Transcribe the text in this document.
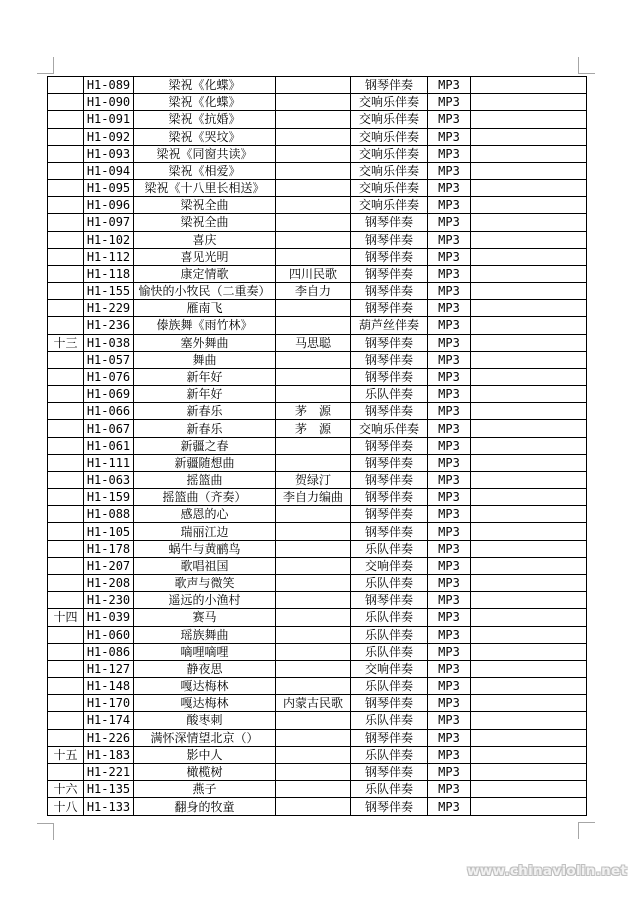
	H1-089	梁祝《化蝶》		钢琴伴奏	MP3	
	H1-090	梁祝《化蝶》		交响乐伴奏	MP3	
	H1-091	梁祝《抗婚》		交响乐伴奏	MP3	
	H1-092	梁祝《哭坟》		交响乐伴奏	MP3	
	H1-093	梁祝《同窗共读》		交响乐伴奏	MP3	
	H1-094	梁祝《相爱》		交响乐伴奏	MP3	
	H1-095	梁祝《十八里长相送》		交响乐伴奏	MP3	
	H1-096	梁祝全曲		交响乐伴奏	MP3	
	H1-097	梁祝全曲		钢琴伴奏	MP3	
	H1-102	喜庆		钢琴伴奏	MP3	
	H1-112	喜见光明		钢琴伴奏	MP3	
	H1-118	康定情歌	四川民歌	钢琴伴奏	MP3	
	H1-155	愉快的小牧民（二重奏）	李自力	钢琴伴奏	MP3	
	H1-229	雁南飞		钢琴伴奏	MP3	
	H1-236	傣族舞《雨竹林》		葫芦丝伴奏	MP3	
十三	H1-038	塞外舞曲	马思聪	钢琴伴奏	MP3	
	H1-057	舞曲		钢琴伴奏	MP3	
	H1-076	新年好		钢琴伴奏	MP3	
	H1-069	新年好		乐队伴奏	MP3	
	H1-066	新春乐	茅　源	钢琴伴奏	MP3	
	H1-067	新春乐	茅　源	交响乐伴奏	MP3	
	H1-061	新疆之春		钢琴伴奏	MP3	
	H1-111	新疆随想曲		钢琴伴奏	MP3	
	H1-063	摇篮曲	贺绿汀	钢琴伴奏	MP3	
	H1-159	摇篮曲（齐奏）	李自力编曲	钢琴伴奏	MP3	
	H1-088	感恩的心		钢琴伴奏	MP3	
	H1-105	瑞丽江边		钢琴伴奏	MP3	
	H1-178	蜗牛与黄鹂鸟		乐队伴奏	MP3	
	H1-207	歌唱祖国		交响伴奏	MP3	
	H1-208	歌声与微笑		乐队伴奏	MP3	
	H1-230	遥远的小渔村		钢琴伴奏	MP3	
十四	H1-039	赛马		乐队伴奏	MP3	
	H1-060	瑶族舞曲		乐队伴奏	MP3	
	H1-086	嘀哩嘀哩		乐队伴奏	MP3	
	H1-127	静夜思		交响伴奏	MP3	
	H1-148	嘎达梅林		乐队伴奏	MP3	
	H1-170	嘎达梅林	内蒙古民歌	钢琴伴奏	MP3	
	H1-174	酸枣刺		乐队伴奏	MP3	
	H1-226	满怀深情望北京（）		钢琴伴奏	MP3	
十五	H1-183	影中人		乐队伴奏	MP3	
	H1-221	橄榄树		钢琴伴奏	MP3	
十六	H1-135	燕子		乐队伴奏	MP3	
十八	H1-133	翻身的牧童		钢琴伴奏	MP3	
www.chinaviolin.net
